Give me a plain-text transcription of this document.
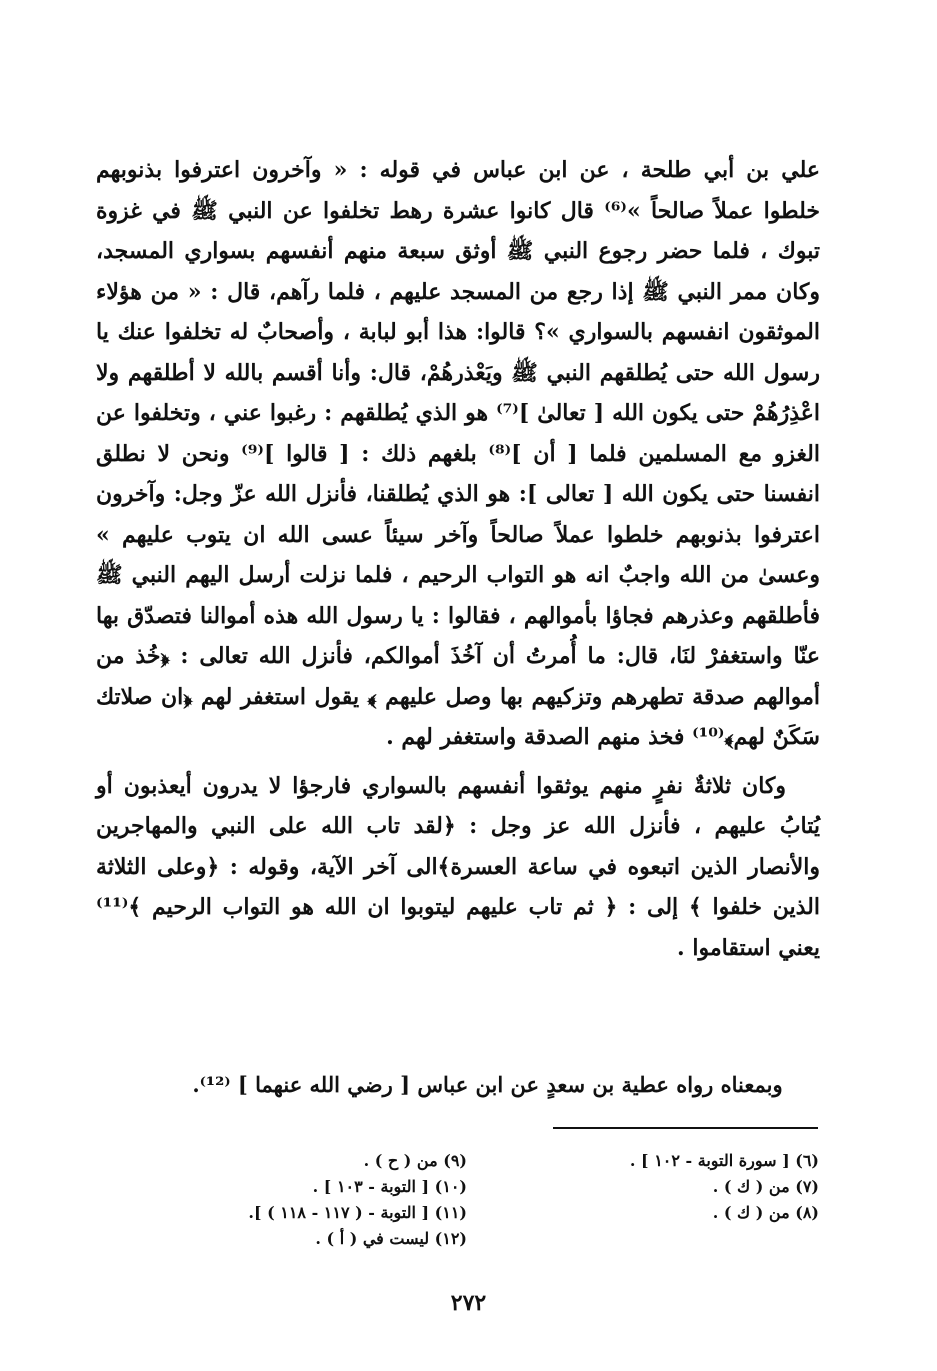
علي بن أبي طلحة ، عن ابن عباس في قوله : « وآخرون اعترفوا بذنوبهم خلطوا عملاً صالحاً »⁽⁶⁾ قال كانوا عشرة رهط تخلفوا عن النبي ﷺ في غزوة تبوك ، فلما حضر رجوع النبي ﷺ أوثق سبعة منهم أنفسهم بسواري المسجد، وكان ممر النبي ﷺ إذا رجع من المسجد عليهم ، فلما رآهم، قال : « من هؤلاء الموثقون انفسهم بالسواري »؟ قالوا: هذا أبو لبابة ، وأصحابٌ له تخلفوا عنك يا رسول الله حتى يُطلقهم النبي ﷺ ويَعْذرهُمْ، قال: وأنا أقسم بالله لا أطلقهم ولا اعْذِرُهُمْ حتى يكون الله [ تعالىٰ ]⁽⁷⁾ هو الذي يُطلقهم : رغبوا عني ، وتخلفوا عن الغزو مع المسلمين فلما [ أن ]⁽⁸⁾ بلغهم ذلك : [ قالوا ]⁽⁹⁾ ونحن لا نطلق انفسنا حتى يكون الله [ تعالى ]: هو الذي يُطلقنا، فأنزل الله عزّ وجل: وآخرون اعترفوا بذنوبهم خلطوا عملاً صالحاً وآخر سيئاً عسى الله ان يتوب عليهم » وعسىٰ من الله واجبٌ انه هو التواب الرحيم ، فلما نزلت أرسل اليهم النبي ﷺ فأطلقهم وعذرهم فجاؤا بأموالهم ، فقالوا : يا رسول الله هذه أموالنا فتصدّق بها عنّا واستغفرْ لنَا، قال: ما أُمرتُ أن آخُذَ أموالكم، فأنزل الله تعالى : ﴿خُذ من أموالهم صدقة تطهرهم وتزكيهم بها وصل عليهم ﴾ يقول استغفر لهم ﴿ان صلاتك سَكَنٌ لهم﴾⁽¹⁰⁾ فخذ منهم الصدقة واستغفر لهم .

وكان ثلاثةٌ نفرٍ منهم يوثقوا أنفسهم بالسواري فارجؤا لا يدرون أيعذبون أو يُتابُ عليهم ، فأنزل الله عز وجل : ﴿لقد تاب الله على النبي والمهاجرين والأنصار الذين اتبعوه في ساعة العسرة﴾الى آخر الآية، وقوله : ﴿وعلى الثلاثة الذين خلفوا ﴾ إلى : ﴿ ثم تاب عليهم ليتوبوا ان الله هو التواب الرحيم ﴾⁽¹¹⁾ يعني استقاموا .

وبمعناه رواه عطية بن سعدٍ عن ابن عباس [ رضي الله عنهما ] ⁽¹²⁾.

(٦) [ سورة التوبة - ١٠٢ ] .
(٧) من ( ك ) .
(٨) من ( ك ) .
(٩) من ( ح ) .
(١٠) [ التوبة - ١٠٣ ] .
(١١) [ التوبة - ( ١١٧ - ١١٨ ) ].
(١٢) ليست في ( أ ) .

٢٧٢
